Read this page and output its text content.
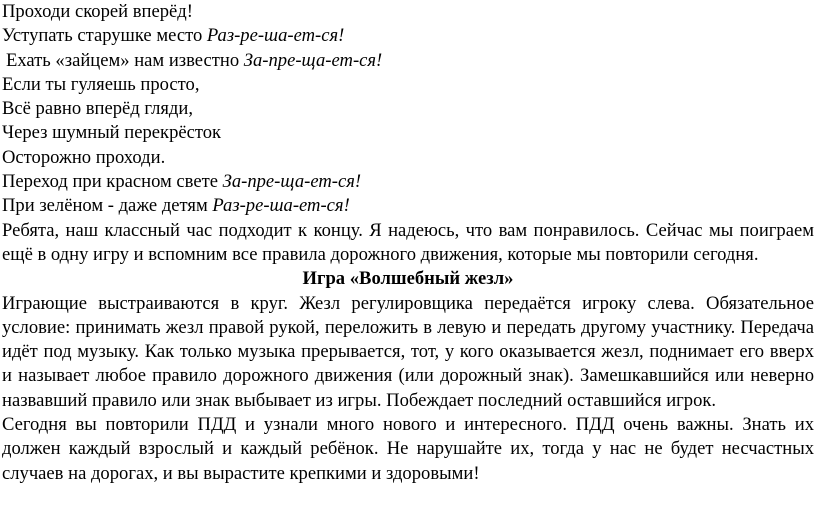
Проходи скорей вперёд!
Уступать старушке место Раз-ре-ша-ет-ся!
Ехать «зайцем» нам известно За-пре-ща-ет-ся!
Если ты гуляешь просто,
Всё равно вперёд гляди,
Через шумный перекрёсток
Осторожно проходи.
Переход при красном свете За-пре-ща-ет-ся!
При зелёном - даже детям Раз-ре-ша-ет-ся!

Ребята, наш классный час подходит к концу. Я надеюсь, что вам понравилось. Сейчас мы поиграем ещё в одну игру и вспомним все правила дорожного движения, которые мы повторили сегодня.

Игра «Волшебный жезл»

Играющие выстраиваются в круг. Жезл регулировщика передаётся игроку слева. Обязательное условие: принимать жезл правой рукой, переложить в левую и передать другому участнику. Передача идёт под музыку. Как только музыка прерывается, тот, у кого оказывается жезл, поднимает его вверх и называет любое правило дорожного движения (или дорожный знак). Замешкавшийся или неверно назвавший правило или знак выбывает из игры. Побеждает последний оставшийся игрок.

Сегодня вы повторили ПДД и узнали много нового и интересного. ПДД очень важны. Знать их должен каждый взрослый и каждый ребёнок. Не нарушайте их, тогда у нас не будет несчастных случаев на дорогах, и вы вырастите крепкими и здоровыми!
